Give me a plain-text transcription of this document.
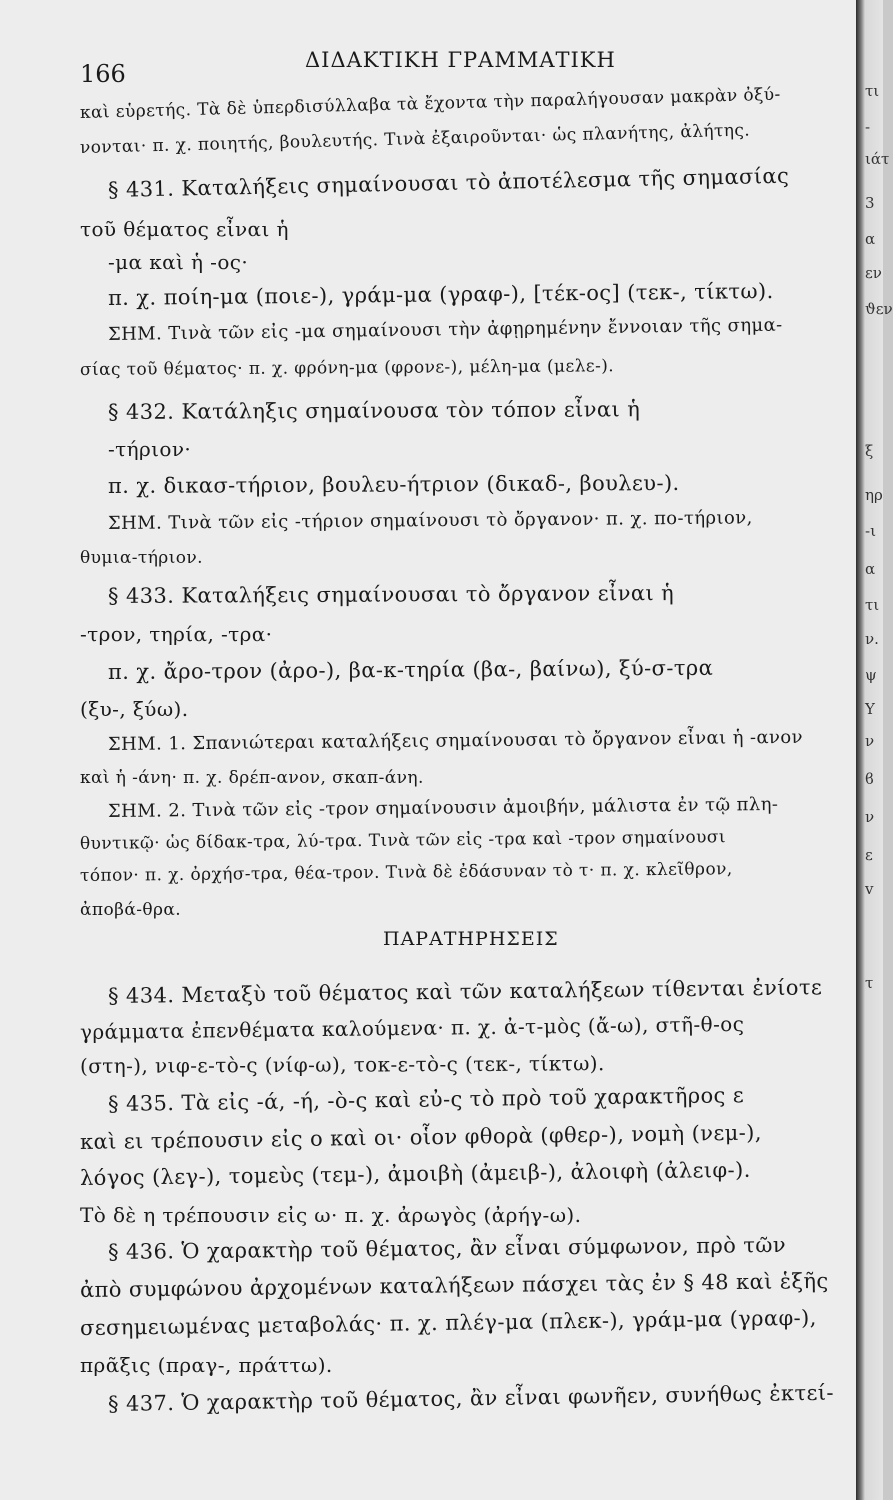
166	ΔΙΔΑΚΤΙΚΗ ΓΡΑΜΜΑΤΙΚΗ
καὶ εὑρετής. Τὰ δὲ ὑπερδισύλλαβα τὰ ἔχοντα τὴν παραλήγουσαν μακρὰν ὀξύ-
νονται· π. χ. ποιητής, βουλευτής. Τινὰ ἐξαιροῦνται· ὡς πλανήτης, ἀλήτης.
§ 431. Καταλήξεις σημαίνουσαι τὸ ἀποτέλεσμα τῆς σημασίας
τοῦ θέματος εἶναι ἡ
-μα καὶ ἡ -ος·
π. χ. ποίη-μα (ποιε-), γράμ-μα (γραφ-), [τέκ-ος] (τεκ-, τίκτω).
ΣΗΜ. Τινὰ τῶν εἰς -μα σημαίνουσι τὴν ἀφῃρημένην ἔννοιαν τῆς σημα-
σίας τοῦ θέματος· π. χ. φρόνη-μα (φρονε-), μέλη-μα (μελε-).
§ 432. Κατάληξις σημαίνουσα τὸν τόπον εἶναι ἡ
-τήριον·
π. χ. δικασ-τήριον, βουλευ-ήτριον (δικαδ-, βουλευ-).
ΣΗΜ. Τινὰ τῶν εἰς -τήριον σημαίνουσι τὸ ὄργανον· π. χ. πο-τήριον,
θυμια-τήριον.
§ 433. Καταλήξεις σημαίνουσαι τὸ ὄργανον εἶναι ἡ
-τρον, τηρία, -τρα·
π. χ. ἄρο-τρον (ἀρο-), βα-κ-τηρία (βα-, βαίνω), ξύ-σ-τρα
(ξυ-, ξύω).
ΣΗΜ. 1. Σπανιώτεραι καταλήξεις σημαίνουσαι τὸ ὄργανον εἶναι ἡ -ανον
καὶ ἡ -άνη· π. χ. δρέπ-ανον, σκαπ-άνη.
ΣΗΜ. 2. Τινὰ τῶν εἰς -τρον σημαίνουσιν ἀμοιβήν, μάλιστα ἐν τῷ πλη-
θυντικῷ· ὡς δίδακ-τρα, λύ-τρα. Τινὰ τῶν εἰς -τρα καὶ -τρον σημαίνουσι
τόπον· π. χ. ὀρχήσ-τρα, θέα-τρον. Τινὰ δὲ ἐδάσυναν τὸ τ· π. χ. κλεῖθρον,
ἀποβά-θρα.
ΠΑΡΑΤΗΡΗΣΕΙΣ
§ 434. Μεταξὺ τοῦ θέματος καὶ τῶν καταλήξεων τίθενται ἐνίοτε
γράμματα ἐπενθέματα καλούμενα· π. χ. ἀ-τ-μὸς (ἄ-ω), στῆ-θ-ος
(στη-), νιφ-ε-τὸ-ς (νίφ-ω), τοκ-ε-τὸ-ς (τεκ-, τίκτω).
§ 435. Τὰ εἰς -ά, -ή, -ὸ-ς καὶ εὐ-ς τὸ πρὸ τοῦ χαρακτῆρος ε
καὶ ει τρέπουσιν εἰς ο καὶ οι· οἷον φθορὰ (φθερ-), νομὴ (νεμ-),
λόγος (λεγ-), τομεὺς (τεμ-), ἀμοιβὴ (ἀμειβ-), ἀλοιφὴ (ἀλειφ-).
Τὸ δὲ η τρέπουσιν εἰς ω· π. χ. ἀρωγὸς (ἀρήγ-ω).
§ 436. Ὁ χαρακτὴρ τοῦ θέματος, ἂν εἶναι σύμφωνον, πρὸ τῶν
ἀπὸ συμφώνου ἀρχομένων καταλήξεων πάσχει τὰς ἐν § 48 καὶ ἑξῆς
σεσημειωμένας μεταβολάς· π. χ. πλέγ-μα (πλεκ-), γράμ-μα (γραφ-),
πρᾶξις (πραγ-, πράττω).
§ 437. Ὁ χαρακτὴρ τοῦ θέματος, ἂν εἶναι φωνῆεν, συνήθως ἐκτεί-
τι
-
ιάτ
3
α
εν
ϑεν
ξ
ηρ
-ι
α
τι
ν.
ψ
Υ
ν
ϐ
ν
ε
v
τ
